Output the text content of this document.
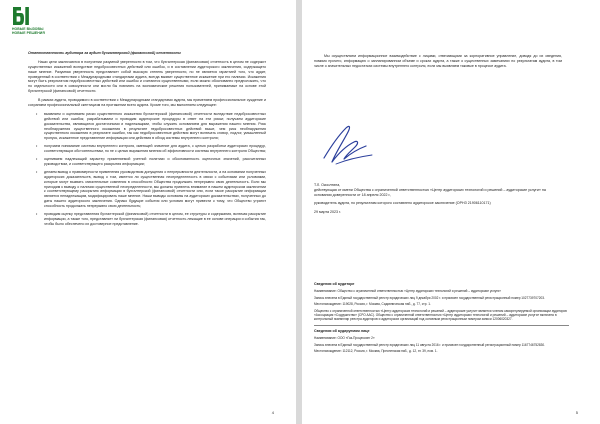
НОВЫЕ ВЫЗОВЫ
НОВЫЕ РЕШЕНИЯ

Ответственность аудитора за аудит бухгалтерской (финансовой) отчетности

Наши цели заключаются в получении разумной уверенности в том, что бухгалтерская (финансовая) отчетность в целом не содержит существенных искажений вследствие недобросовестных действий или ошибок, и в составлении аудиторского заключения, содержащего наше мнение. Разумная уверенность представляет собой высокую степень уверенности, но не является гарантией того, что аудит, проведенный в соответствии с Международными стандартами аудита, всегда выявит существенное искажение при его наличии. Искажения могут быть результатом недобросовестных действий или ошибок и считаются существенными, если можно обоснованно предположить, что по отдельности или в совокупности они могли бы повлиять на экономические решения пользователей, принимаемые на основе этой бухгалтерской (финансовой) отчетности.

В рамках аудита, проводимого в соответствии с Международными стандартами аудита, мы применяем профессиональное суждение и сохраняем профессиональный скептицизм на протяжении всего аудита. Кроме того, мы выполняем следующее:

• выявляем и оцениваем риски существенного искажения бухгалтерской (финансовой) отчетности вследствие недобросовестных действий или ошибок; разрабатываем и проводим аудиторские процедуры в ответ на эти риски; получаем аудиторские доказательства, являющиеся достаточными и надлежащими, чтобы служить основанием для выражения нашего мнения. Риск необнаружения существенного искажения в результате недобросовестных действий выше, чем риск необнаружения существенного искажения в результате ошибки, так как недобросовестные действия могут включать сговор, подлог, умышленный пропуск, искаженное представление информации или действия в обход системы внутреннего контроля;
• получаем понимание системы внутреннего контроля, имеющей значение для аудита, с целью разработки аудиторских процедур, соответствующих обстоятельствам, но не с целью выражения мнения об эффективности системы внутреннего контроля Общества;
• оцениваем надлежащий характер применяемой учетной политики и обоснованность оценочных значений, рассчитанных руководством, и соответствующего раскрытия информации;
• делаем вывод о правомерности применения руководством допущения о непрерывности деятельности, а на основании полученных аудиторских доказательств, вывод о том, имеется ли существенная неопределенность в связи с событиями или условиями, которые могут вызвать значительные сомнения в способности Общества продолжать непрерывно свою деятельность. Если мы приходим к выводу о наличии существенной неопределенности, мы должны привлечь внимание в нашем аудиторском заключении к соответствующему раскрытию информации в бухгалтерской (финансовой) отчетности или, если такое раскрытие информации является ненадлежащим, модифицировать наше мнение. Наши выводы основаны на аудиторских доказательствах, полученных до даты нашего аудиторского заключения. Однако будущие события или условия могут привести к тому, что Общество утратит способность продолжать непрерывно свою деятельность;
• проводим оценку представления бухгалтерской (финансовой) отчетности в целом, ее структуры и содержания, включая раскрытие информации, а также того, представляет ли бухгалтерская (финансовая) отчетность лежащие в ее основе операции и события так, чтобы было обеспечено их достоверное представление.
4

Мы осуществляем информационное взаимодействие с лицами, отвечающими за корпоративное управление, доводя до их сведения, помимо прочего, информацию о запланированном объеме и сроках аудита, а также о существенных замечаниях по результатам аудита, в том числе о значительных недостатках системы внутреннего контроля, если мы выявляем таковые в процессе аудита.

Т.Л. Окоолтина,
действующая от имени Общества с ограниченной ответственностью «Центр аудиторских технологий и решений – аудиторские услуги» на основании доверенности от 18 апреля 2022 г.,

руководитель аудита, по результатам которого составлено аудиторское заключение (ОРНЗ 21906110171)

29 марта 2023 г.

Сведения об аудиторе

Наименование: Общество с ограниченной ответственностью «Центр аудиторских технологий и решений – аудиторские услуги»

Запись внесена в Единый государственный реестр юридических лиц 9 декабря 2002 г. и присвоен государственный регистрационный номер 1027739707203.

Местонахождение: 119028, Россия, г. Москва, Садовническая наб., д. 77, стр. 1.

Общество с ограниченной ответственностью «Центр аудиторских технологий и решений – аудиторские услуги» является членом саморегулируемой организации аудиторов «Ассоциация «Содружество» (СРО ААС). Общество с ограниченной ответственностью «Центр аудиторских технологий и решений – аудиторские услуги» включено в контрольный экземпляр реестра аудиторов и аудиторских организаций под основным регистрационным номером записи 12006020327.

Сведения об аудируемом лице

Наименование: ООО «Газ-Процессинг 2»

Запись внесена в Единый государственный реестр юридических лиц 11 августа 2016 г. и присвоен государственный регистрационный номер 1167746752830.

Местонахождение: 112112, Россия, г. Москва, Пресненская наб., д. 12, эт. 39, пом. 1.

5
